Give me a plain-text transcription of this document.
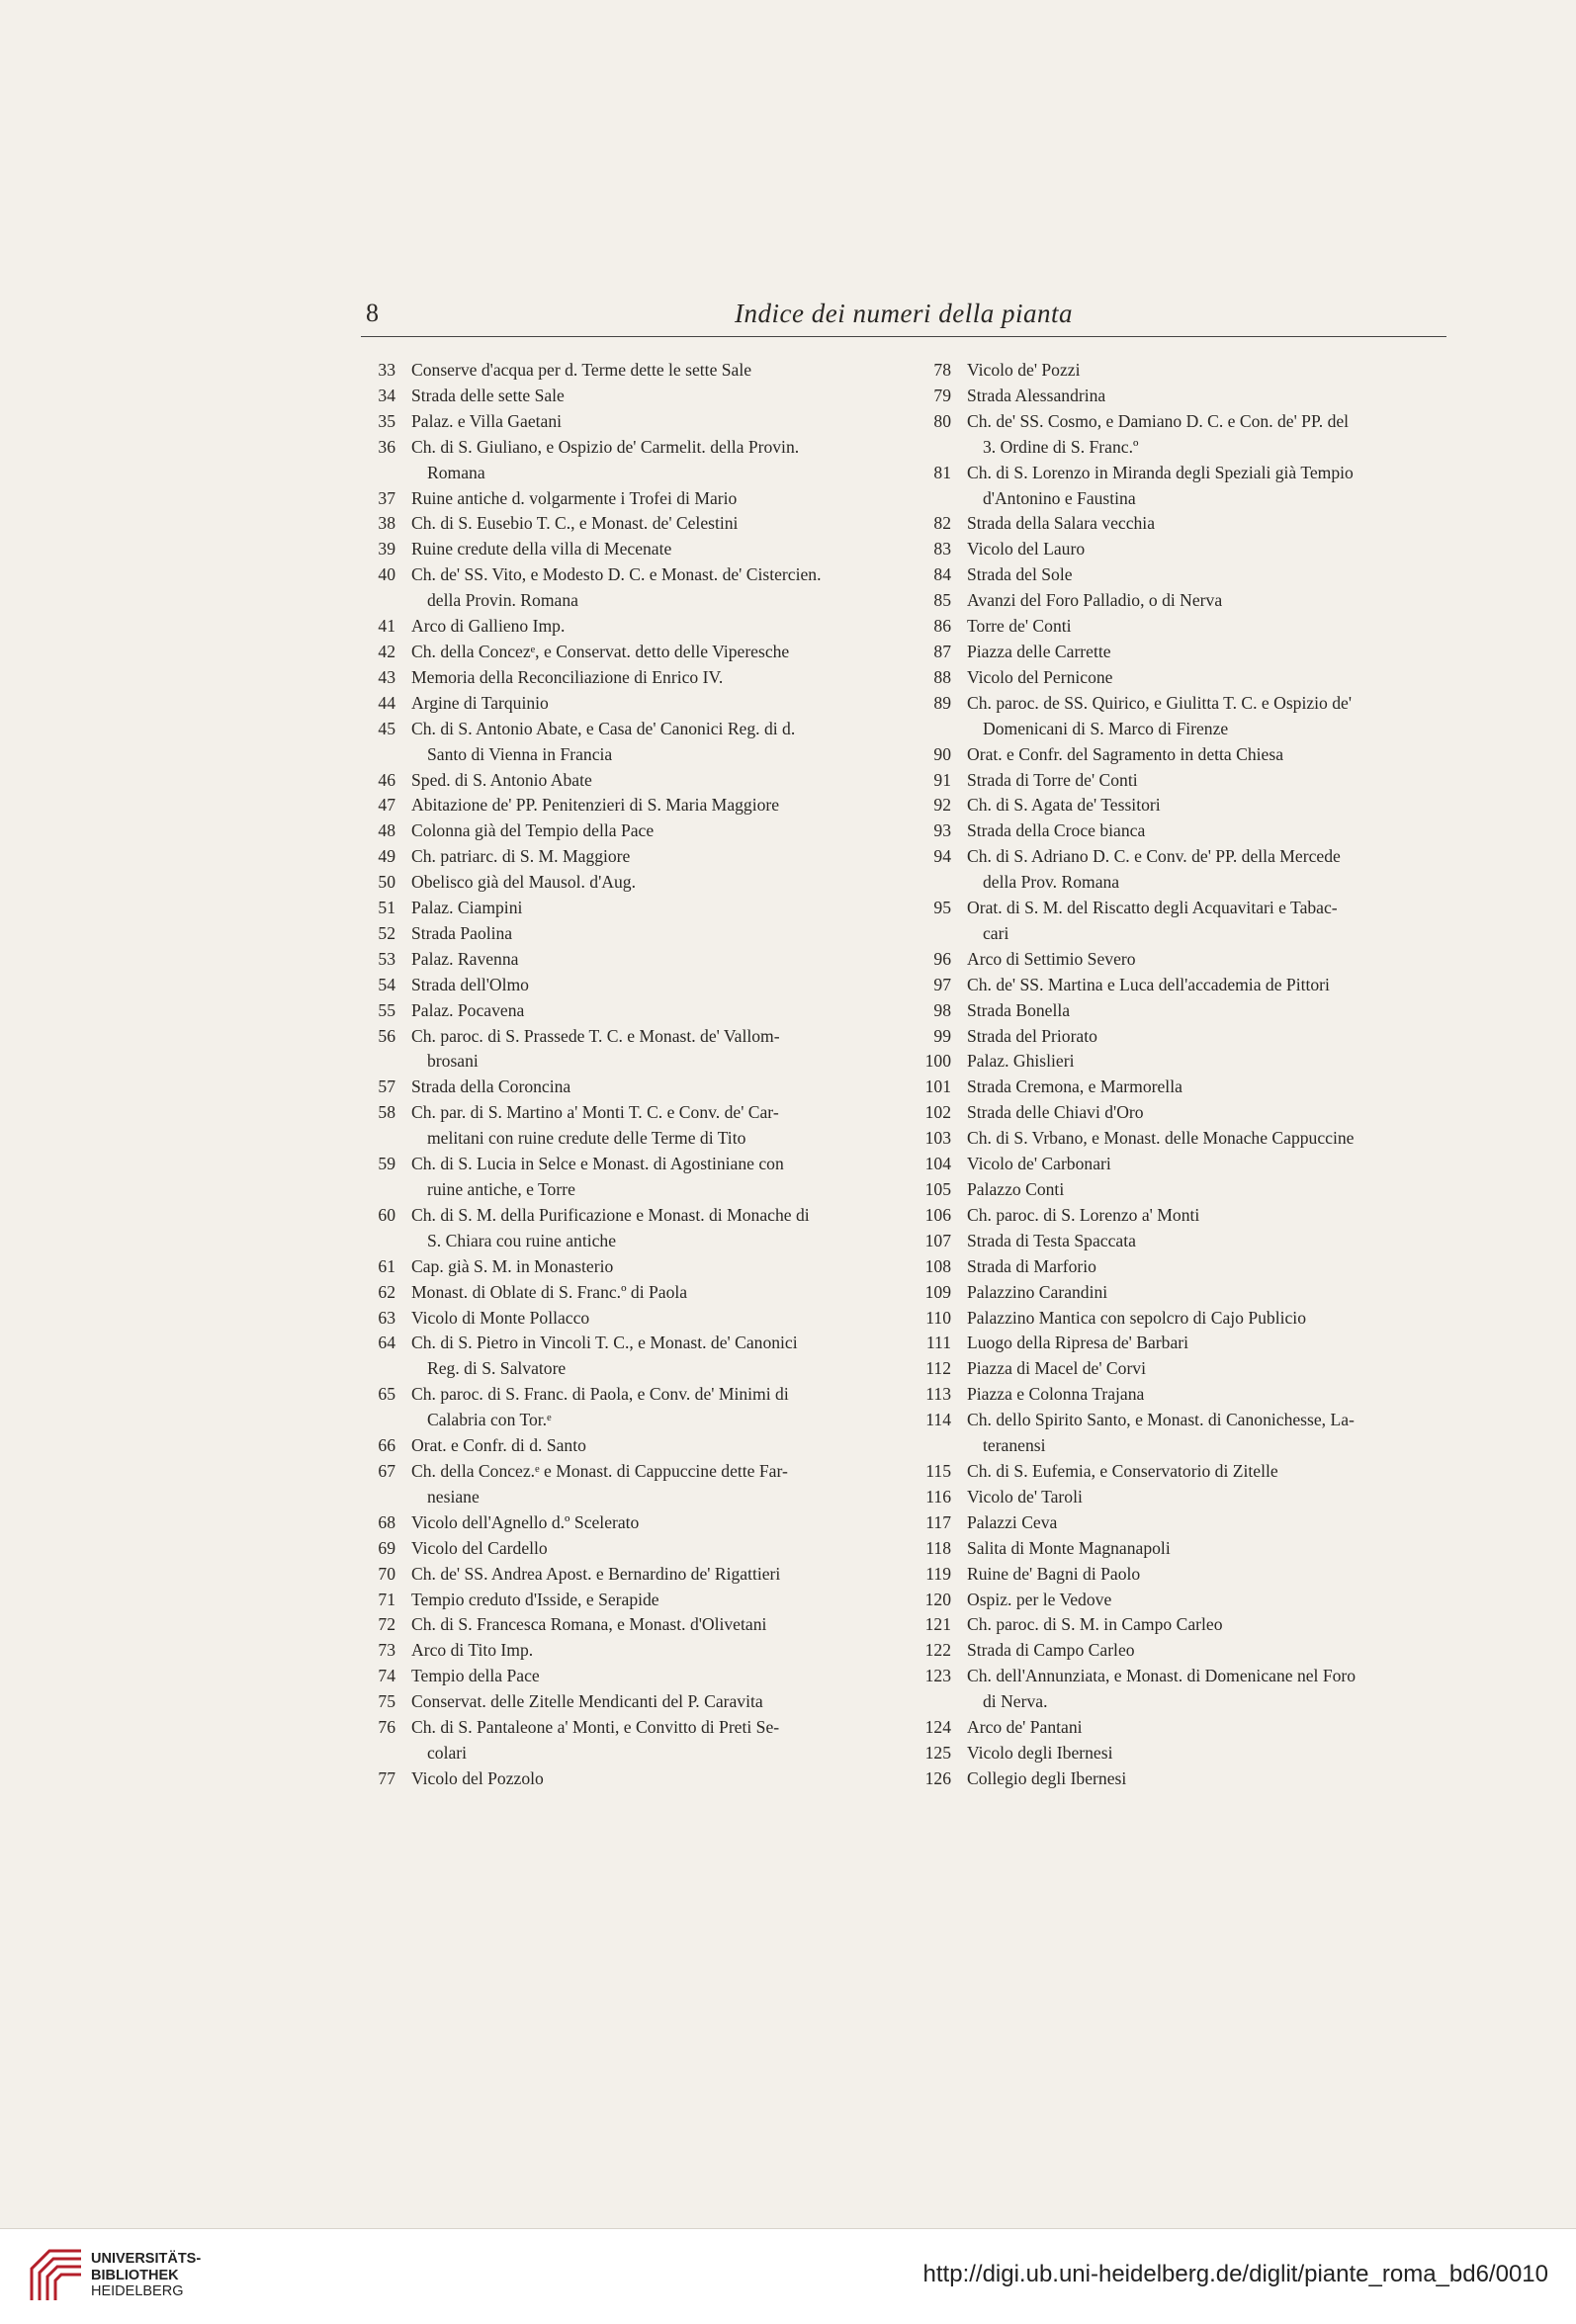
8	Indice dei numeri della pianta
33 Conserve d'acqua per d. Terme dette le sette Sale
34 Strada delle sette Sale
35 Palaz. e Villa Gaetani
36 Ch. di S. Giuliano, e Ospizio de' Carmelit. della Provin.
Romana
37 Ruine antiche d. volgarmente i Trofei di Mario
38 Ch. di S. Eusebio T. C., e Monast. de' Celestini
39 Ruine credute della villa di Mecenate
40 Ch. de' SS. Vito, e Modesto D. C. e Monast. de' Cistercien.
della Provin. Romana
41 Arco di Gallieno Imp.
42 Ch. della Concezᵉ, e Conservat. detto delle Viperesche
43 Memoria della Reconciliazione di Enrico IV.
44 Argine di Tarquinio
45 Ch. di S. Antonio Abate, e Casa de' Canonici Reg. di d.
Santo di Vienna in Francia
46 Sped. di S. Antonio Abate
47 Abitazione de' PP. Penitenzieri di S. Maria Maggiore
48 Colonna già del Tempio della Pace
49 Ch. patriarc. di S. M. Maggiore
50 Obelisco già del Mausol. d'Aug.
51 Palaz. Ciampini
52 Strada Paolina
53 Palaz. Ravenna
54 Strada dell'Olmo
55 Palaz. Pocavena
56 Ch. paroc. di S. Prassede T. C. e Monast. de' Vallom-
brosani
57 Strada della Coroncina
58 Ch. par. di S. Martino a' Monti T. C. e Conv. de' Car-
melitani con ruine credute delle Terme di Tito
59 Ch. di S. Lucia in Selce e Monast. di Agostiniane con
ruine antiche, e Torre
60 Ch. di S. M. della Purificazione e Monast. di Monache di
S. Chiara cou ruine antiche
61 Cap. già S. M. in Monasterio
62 Monast. di Oblate di S. Franc.º di Paola
63 Vicolo di Monte Pollacco
64 Ch. di S. Pietro in Vincoli T. C., e Monast. de' Canonici
Reg. di S. Salvatore
65 Ch. paroc. di S. Franc. di Paola, e Conv. de' Minimi di
Calabria con Tor.ᵉ
66 Orat. e Confr. di d. Santo
67 Ch. della Concez.ᵉ e Monast. di Cappuccine dette Far-
nesiane
68 Vicolo dell'Agnello d.º Scelerato
69 Vicolo del Cardello
70 Ch. de' SS. Andrea Apost. e Bernardino de' Rigattieri
71 Tempio creduto d'Isside, e Serapide
72 Ch. di S. Francesca Romana, e Monast. d'Olivetani
73 Arco di Tito Imp.
74 Tempio della Pace
75 Conservat. delle Zitelle Mendicanti del P. Caravita
76 Ch. di S. Pantaleone a' Monti, e Convitto di Preti Se-
colari
77 Vicolo del Pozzolo
78 Vicolo de' Pozzi
79 Strada Alessandrina
80 Ch. de' SS. Cosmo, e Damiano D. C. e Con. de' PP. del
3. Ordine di S. Franc.º
81 Ch. di S. Lorenzo in Miranda degli Speziali già Tempio
d'Antonino e Faustina
82 Strada della Salara vecchia
83 Vicolo del Lauro
84 Strada del Sole
85 Avanzi del Foro Palladio, o di Nerva
86 Torre de' Conti
87 Piazza delle Carrette
88 Vicolo del Pernicone
89 Ch. paroc. de SS. Quirico, e Giulitta T. C. e Ospizio de'
Domenicani di S. Marco di Firenze
90 Orat. e Confr. del Sagramento in detta Chiesa
91 Strada di Torre de' Conti
92 Ch. di S. Agata de' Tessitori
93 Strada della Croce bianca
94 Ch. di S. Adriano D. C. e Conv. de' PP. della Mercede
della Prov. Romana
95 Orat. di S. M. del Riscatto degli Acquavitari e Tabac-
cari
96 Arco di Settimio Severo
97 Ch. de' SS. Martina e Luca dell'accademia de Pittori
98 Strada Bonella
99 Strada del Priorato
100 Palaz. Ghislieri
101 Strada Cremona, e Marmorella
102 Strada delle Chiavi d'Oro
103 Ch. di S. Vrbano, e Monast. delle Monache Cappuccine
104 Vicolo de' Carbonari
105 Palazzo Conti
106 Ch. paroc. di S. Lorenzo a' Monti
107 Strada di Testa Spaccata
108 Strada di Marforio
109 Palazzino Carandini
110 Palazzino Mantica con sepolcro di Cajo Publicio
111 Luogo della Ripresa de' Barbari
112 Piazza di Macel de' Corvi
113 Piazza e Colonna Trajana
114 Ch. dello Spirito Santo, e Monast. di Canonichesse, La-
teranensi
115 Ch. di S. Eufemia, e Conservatorio di Zitelle
116 Vicolo de' Taroli
117 Palazzi Ceva
118 Salita di Monte Magnanapoli
119 Ruine de' Bagni di Paolo
120 Ospiz. per le Vedove
121 Ch. paroc. di S. M. in Campo Carleo
122 Strada di Campo Carleo
123 Ch. dell'Annunziata, e Monast. di Domenicane nel Foro
di Nerva.
124 Arco de' Pantani
125 Vicolo degli Ibernesi
126 Collegio degli Ibernesi
UNIVERSITÄTS-
BIBLIOTHEK
HEIDELBERG
http://digi.ub.uni-heidelberg.de/diglit/piante_roma_bd6/0010
